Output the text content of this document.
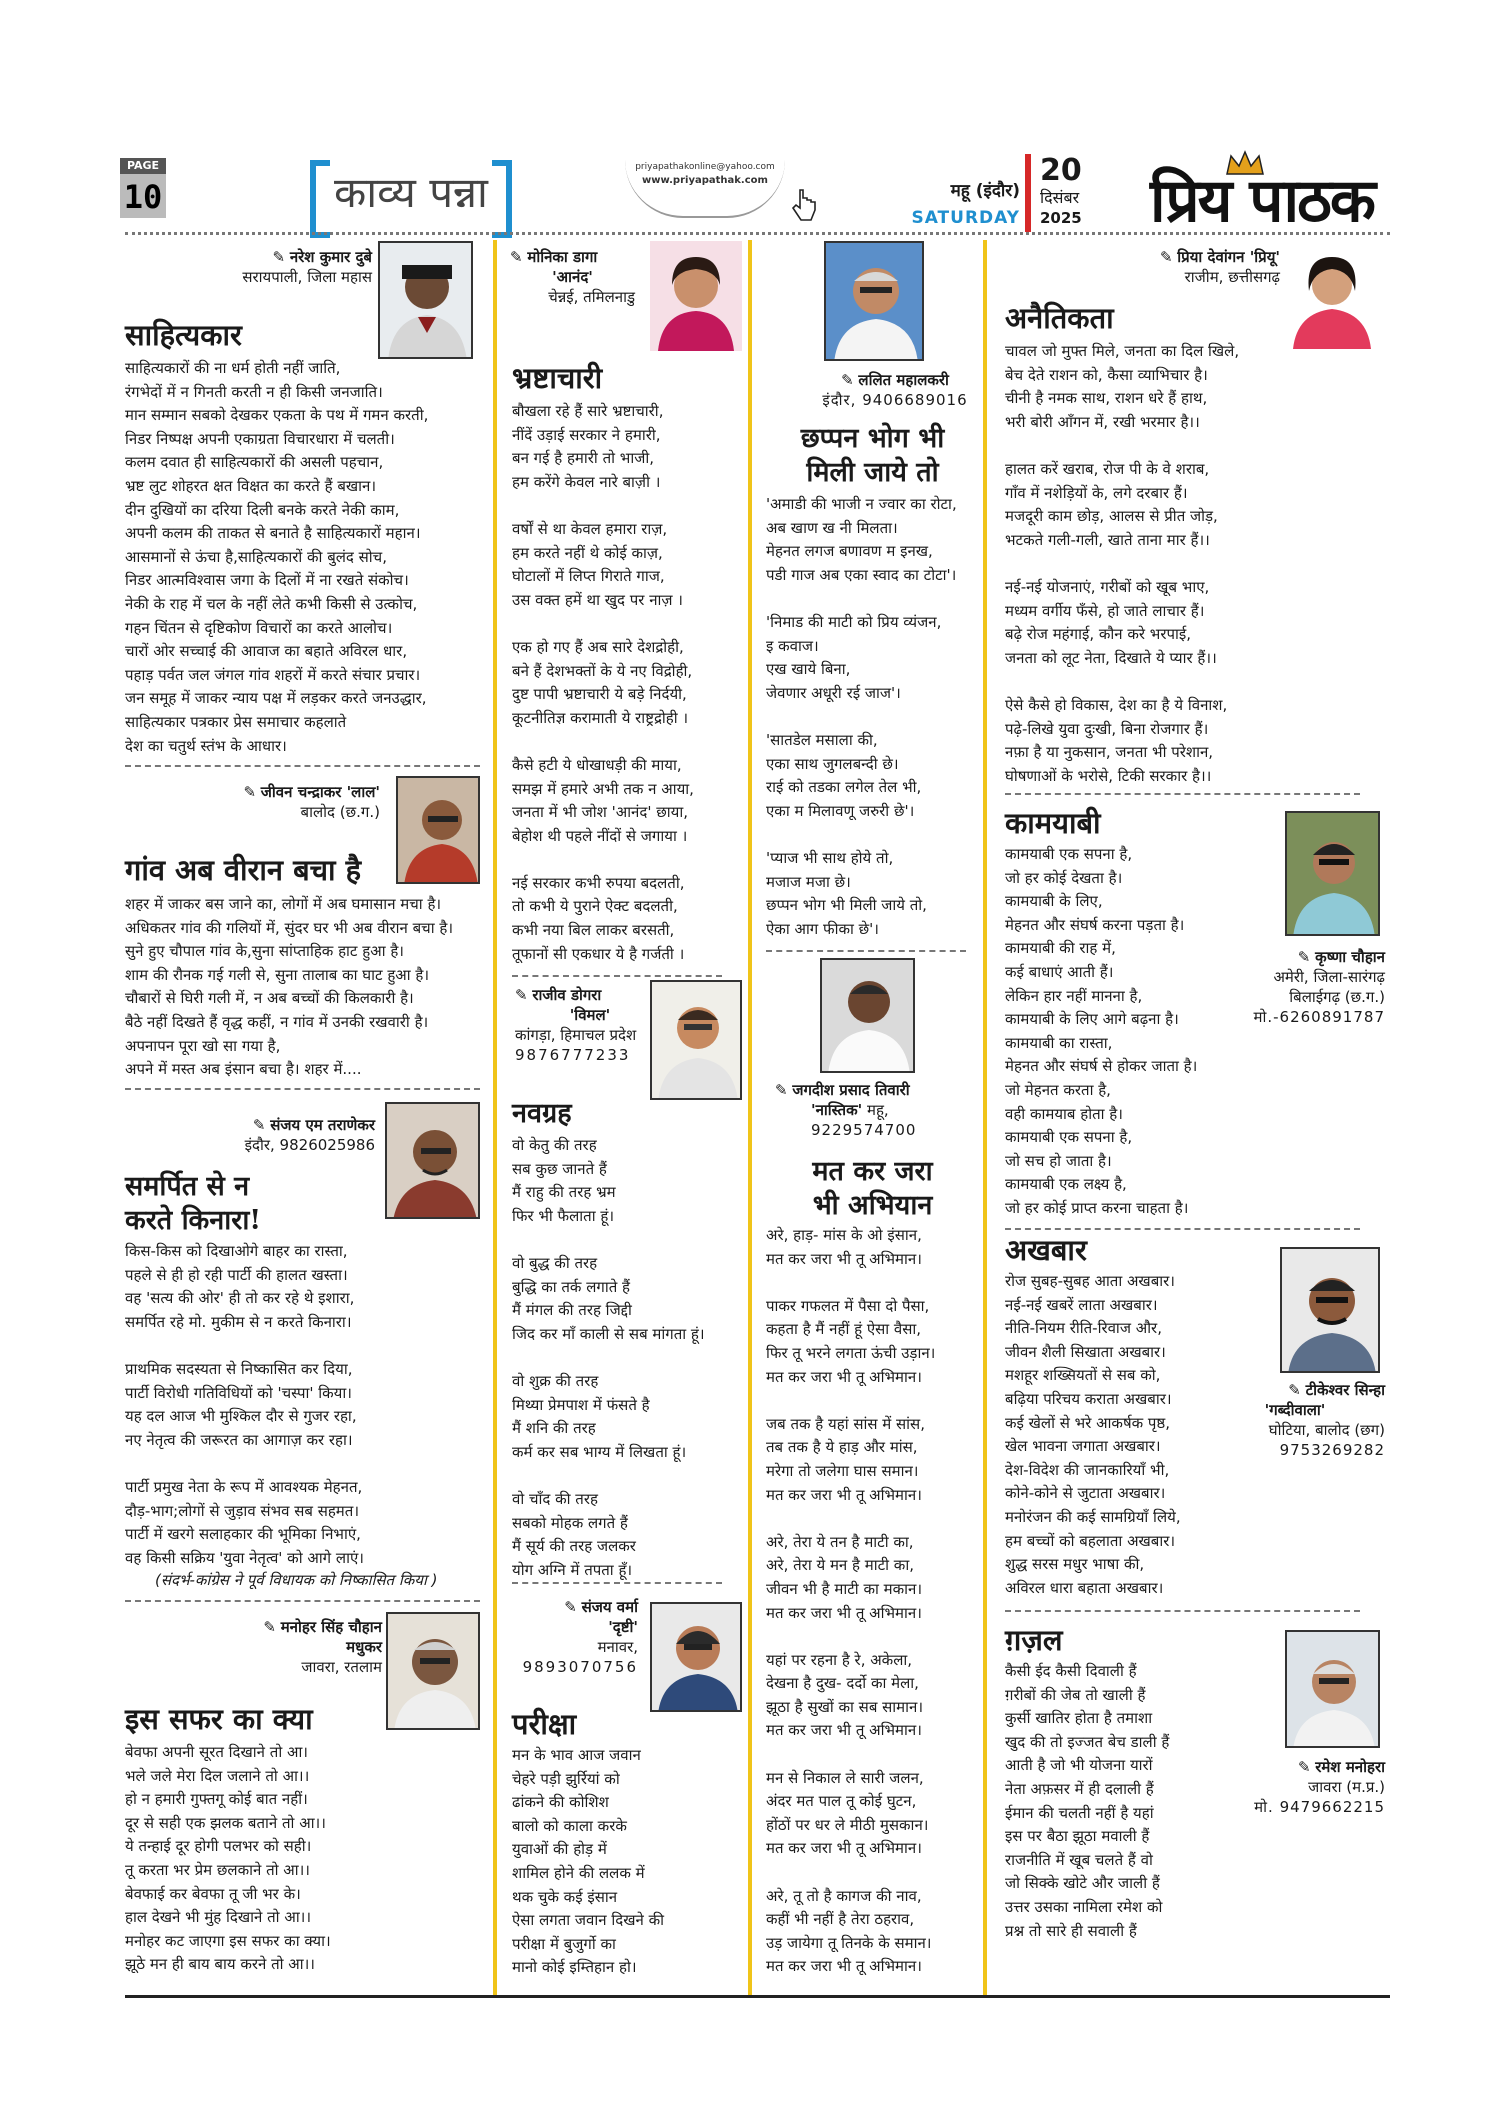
PAGE
10	काव्य पन्ना
priyapathakonline@yahoo.com
www.priyapathak.com
महू (इंदौर)
SATURDAY
20
दिसंबर
2025	प्रिय पाठक
✎ नरेश कुमार दुबे
सरायपाली, जिला महास
साहित्यकार
साहित्यकारों की ना धर्म होती नहीं जाति,
रंगभेदों में न गिनती करती न ही किसी जनजाति।
मान सम्मान सबको देखकर एकता के पथ में गमन करती,
निडर निष्पक्ष अपनी एकाग्रता विचारधारा में चलती।
कलम दवात ही साहित्यकारों की असली पहचान,
भ्रष्ट लुट शोहरत क्षत विक्षत का करते हैं बखान।
दीन दुखियों का दरिया दिली बनके करते नेकी काम,
अपनी कलम की ताकत से बनाते है साहित्यकारों महान।
आसमानों से ऊंचा है,साहित्यकारों की बुलंद सोच,
निडर आत्मविश्वास जगा के दिलों में ना रखते संकोच।
नेकी के राह में चल के नहीं लेते कभी किसी से उत्कोच,
गहन चिंतन से दृष्टिकोण विचारों का करते आलोच।
चारों ओर सच्चाई की आवाज का बहाते अविरल धार,
पहाड़ पर्वत जल जंगल गांव शहरों में करते संचार प्रचार।
जन समूह में जाकर न्याय पक्ष में लड़कर करते जनउद्धार,
साहित्यकार पत्रकार प्रेस समाचार कहलाते
देश का चतुर्थ स्तंभ के आधार।
✎ जीवन चन्द्राकर 'लाल'
बालोद (छ.ग.)
गांव अब वीरान बचा है
शहर में जाकर बस जाने का, लोगों में अब घमासान मचा है।
अधिकतर गांव की गलियों में, सुंदर घर भी अब वीरान बचा है।
सुने हुए चौपाल गांव के,सुना सांप्ताहिक हाट हुआ है।
शाम की रौनक गई गली से, सुना तालाब का घाट हुआ है।
चौबारों से घिरी गली में, न अब बच्चों की किलकारी है।
बैठे नहीं दिखते हैं वृद्ध कहीं, न गांव में उनकी रखवारी है।
अपनापन पूरा खो सा गया है,
अपने में मस्त अब इंसान बचा है। शहर में....
✎ संजय एम तराणेकर
इंदौर, 9826025986
समर्पित से न
करते किनारा!
किस-किस को दिखाओगे बाहर का रास्ता,
पहले से ही हो रही पार्टी की हालत खस्ता।
वह 'सत्य की ओर' ही तो कर रहे थे इशारा,
समर्पित रहे मो. मुकीम से न करते किनारा।
प्राथमिक सदस्यता से निष्कासित कर दिया,
पार्टी विरोधी गतिविधियों को 'चस्पा' किया।
यह दल आज भी मुश्किल दौर से गुजर रहा,
नए नेतृत्व की जरूरत का आगाज़ कर रहा।
पार्टी प्रमुख नेता के रूप में आवश्यक मेहनत,
दौड़-भाग;लोगों से जुड़ाव संभव सब सहमत।
पार्टी में खरगे सलाहकार की भूमिका निभाएं,
वह किसी सक्रिय 'युवा नेतृत्व' को आगे लाएं।
(संदर्भ-कांग्रेस ने पूर्व विधायक को निष्कासित किया )
✎ मनोहर सिंह चौहान
मधुकर
जावरा, रतलाम
इस सफर का क्या
बेवफा अपनी सूरत दिखाने तो आ।
भले जले मेरा दिल जलाने तो आ।।
हो न हमारी गुफ्तगू कोई बात नहीं।
दूर से सही एक झलक बताने तो आ।।
ये तन्हाई दूर होगी पलभर को सही।
तू करता भर प्रेम छलकाने तो आ।।
बेवफाई कर बेवफा तू जी भर के।
हाल देखने भी मुंह दिखाने तो आ।।
मनोहर कट जाएगा इस सफर का क्या।
झूठे मन ही बाय बाय करने तो आ।।
✎ मोनिका डागा
'आनंद'
चेन्नई, तमिलनाडु
भ्रष्टाचारी
बौखला रहे हैं सारे भ्रष्टाचारी,
नींदें उड़ाई सरकार ने हमारी,
बन गई है हमारी तो भाजी,
हम करेंगे केवल नारे बाज़ी ।
वर्षों से था केवल हमारा राज़,
हम करते नहीं थे कोई काज़,
घोटालों में लिप्त गिराते गाज,
उस वक्त हमें था खुद पर नाज़ ।
एक हो गए हैं अब सारे देशद्रोही,
बने हैं देशभक्तों के ये नए विद्रोही,
दुष्ट पापी भ्रष्टाचारी ये बड़े निर्दयी,
कूटनीतिज्ञ करामाती ये राष्ट्रद्रोही ।
कैसे हटी ये धोखाधड़ी की माया,
समझ में हमारे अभी तक न आया,
जनता में भी जोश 'आनंद' छाया,
बेहोश थी पहले नींदों से जगाया ।
नई सरकार कभी रुपया बदलती,
तो कभी ये पुराने ऐक्ट बदलती,
कभी नया बिल लाकर बरसती,
तूफानों सी एकधार ये है गर्जती ।
✎ राजीव डोगरा
'विमल'
कांगड़ा, हिमाचल प्रदेश
9876777233
नवग्रह
वो केतु की तरह
सब कुछ जानते हैं
मैं राहु की तरह भ्रम
फिर भी फैलाता हूं।
वो बुद्ध की तरह
बुद्धि का तर्क लगाते हैं
मैं मंगल की तरह जिद्दी
जिद कर माँ काली से सब मांगता हूं।
वो शुक्र की तरह
मिथ्या प्रेमपाश में फंसते है
मैं शनि की तरह
कर्म कर सब भाग्य में लिखता हूं।
वो चाँद की तरह
सबको मोहक लगते हैं
मैं सूर्य की तरह जलकर
योग अग्नि में तपता हूँ।
✎ संजय वर्मा
'दृष्टी'
मनावर,
9893070756
परीक्षा
मन के भाव आज जवान
चेहरे पड़ी झुर्रियां को
ढांकने की कोशिश
बालो को काला करके
युवाओं की होड़ में
शामिल होने की ललक में
थक चुके कई इंसान
ऐसा लगता जवान दिखने की
परीक्षा में बुजुर्गो का
मानो कोई इम्तिहान हो।
✎ ललित महालकरी
इंदौर, 9406689016
छप्पन भोग भी
मिली जाये तो
'अमाडी की भाजी न ज्वार का रोटा,
अब खाण ख नी मिलता।
मेहनत लगज बणावण म इनख,
पडी गाज अब एका स्वाद का टोटा'।
'निमाड की माटी को प्रिय व्यंजन,
इ कवाज।
एख खाये बिना,
जेवणार अधूरी रई जाज'।
'सातडेल मसाला की,
एका साथ जुगलबन्दी छे।
राई को तडका लगेल तेल भी,
एका म मिलावणू जरुरी छे'।
'प्याज भी साथ होये तो,
मजाज मजा छे।
छप्पन भोग भी मिली जाये तो,
ऐका आग फीका छे'।
✎ जगदीश प्रसाद तिवारी
'नास्तिक' महू,
9229574700
मत कर जरा
भी अभियान
अरे, हाड़- मांस के ओ इंसान,
मत कर जरा भी तू अभिमान।
पाकर गफलत में पैसा दो पैसा,
कहता है मैं नहीं हूं ऐसा वैसा,
फिर तू भरने लगता ऊंची उड़ान।
मत कर जरा भी तू अभिमान।
जब तक है यहां सांस में सांस,
तब तक है ये हाड़ और मांस,
मरेगा तो जलेगा घास समान।
मत कर जरा भी तू अभिमान।
अरे, तेरा ये तन है माटी का,
अरे, तेरा ये मन है माटी का,
जीवन भी है माटी का मकान।
मत कर जरा भी तू अभिमान।
यहां पर रहना है रे, अकेला,
देखना है दुख- दर्दो का मेला,
झूठा है सुखों का सब सामान।
मत कर जरा भी तू अभिमान।
मन से निकाल ले सारी जलन,
अंदर मत पाल तू कोई घुटन,
होंठों पर धर ले मीठी मुसकान।
मत कर जरा भी तू अभिमान।
अरे, तू तो है कागज की नाव,
कहीं भी नहीं है तेरा ठहराव,
उड़ जायेगा तू तिनके के समान।
मत कर जरा भी तू अभिमान।
✎ प्रिया देवांगन 'प्रियू'
राजीम, छत्तीसगढ़
अनैतिकता
चावल जो मुफ्त मिले, जनता का दिल खिले,
बेच देते राशन को, कैसा व्याभिचार है।
चीनी है नमक साथ, राशन धरे हैं हाथ,
भरी बोरी आँगन में, रखी भरमार है।।
हालत करें खराब, रोज पी के वे शराब,
गाँव में नशेड़ियों के, लगे दरबार हैं।
मजदूरी काम छोड़, आलस से प्रीत जोड़,
भटकते गली-गली, खाते ताना मार हैं।।
नई-नई योजनाएं, गरीबों को खूब भाए,
मध्यम वर्गीय फँसे, हो जाते लाचार हैं।
बढ़े रोज महंगाई, कौन करे भरपाई,
जनता को लूट नेता, दिखाते ये प्यार हैं।।
ऐसे कैसे हो विकास, देश का है ये विनाश,
पढ़े-लिखे युवा दुःखी, बिना रोजगार हैं।
नफ़ा है या नुकसान, जनता भी परेशान,
घोषणाओं के भरोसे, टिकी सरकार है।।
कामयाबी
कामयाबी एक सपना है,
जो हर कोई देखता है।
कामयाबी के लिए,
मेहनत और संघर्ष करना पड़ता है।
कामयाबी की राह में,
कई बाधाएं आती हैं।
लेकिन हार नहीं मानना है,
कामयाबी के लिए आगे बढ़ना है।
कामयाबी का रास्ता,
मेहनत और संघर्ष से होकर जाता है।
जो मेहनत करता है,
वही कामयाब होता है।
कामयाबी एक सपना है,
जो सच हो जाता है।
कामयाबी एक लक्ष्य है,
जो हर कोई प्राप्त करना चाहता है।
✎ कृष्णा चौहान
अमेरी, जिला-सारंगढ़
बिलाईगढ़ (छ.ग.)
मो.-6260891787
अखबार
रोज सुबह-सुबह आता अखबार।
नई-नई खबरें लाता अखबार।
नीति-नियम रीति-रिवाज और,
जीवन शैली सिखाता अखबार।
मशहूर शख्सियतों से सब को,
बढ़िया परिचय कराता अखबार।
कई खेलों से भरे आकर्षक पृष्ठ,
खेल भावना जगाता अखबार।
देश-विदेश की जानकारियाँ भी,
कोने-कोने से जुटाता अखबार।
मनोरंजन की कई सामग्रियाँ लिये,
हम बच्चों को बहलाता अखबार।
शुद्ध सरस मधुर भाषा की,
अविरल धारा बहाता अखबार।
✎ टीकेश्वर सिन्हा
'गब्दीवाला'
घोटिया, बालोद (छग)
9753269282
ग़ज़ल
कैसी ईद कैसी दिवाली हैं
ग़रीबों की जेब तो खाली हैं
कुर्सी खातिर होता है तमाशा
खुद की तो इज्जत बेच डाली हैं
आती है जो भी योजना यारों
नेता अफ़सर में ही दलाली हैं
ईमान की चलती नहीं है यहां
इस पर बैठा झूठा मवाली हैं
राजनीति में खूब चलते हैं वो
जो सिक्के खोटे और जाली हैं
उत्तर उसका नामिला रमेश को
प्रश्न तो सारे ही सवाली हैं
✎ रमेश मनोहरा
जावरा (म.प्र.)
मो. 9479662215
